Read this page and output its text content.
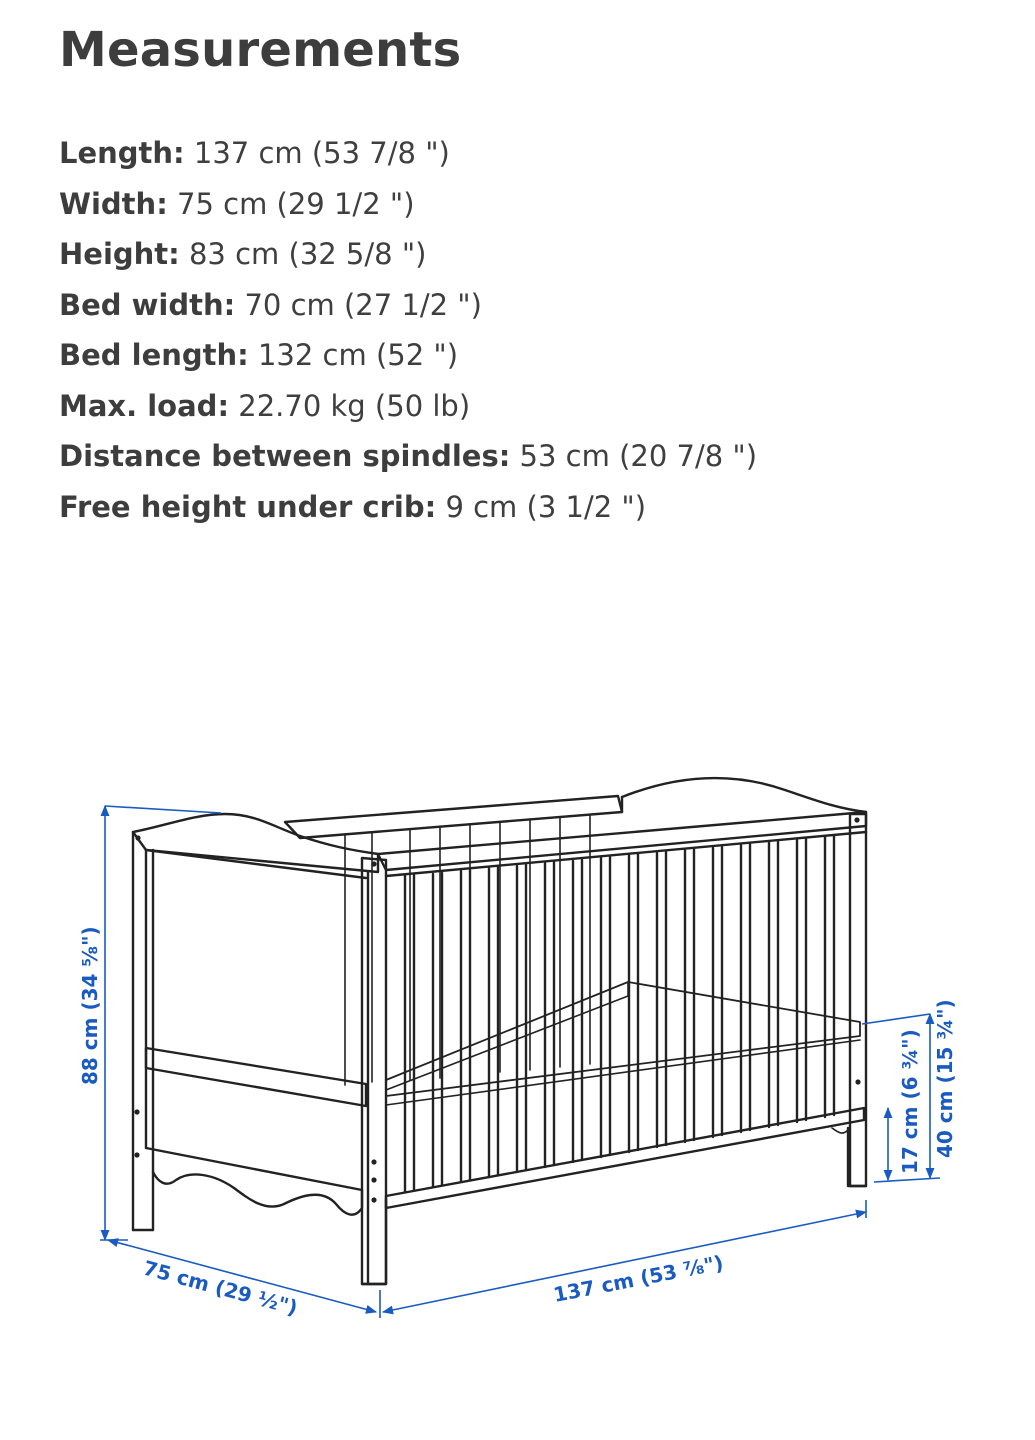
Measurements
Length: 137 cm (53 7/8 ")
Width: 75 cm (29 1/2 ")
Height: 83 cm (32 5/8 ")
Bed width: 70 cm (27 1/2 ")
Bed length: 132 cm (52 ")
Max. load: 22.70 kg (50 lb)
Distance between spindles: 53 cm (20 7/8 ")
Free height under crib: 9 cm (3 1/2 ")
88 cm (34 ⅝")
75 cm (29 ½")	137 cm (53 ⅞")
17 cm (6 ¾") 40 cm (15 ¾")
